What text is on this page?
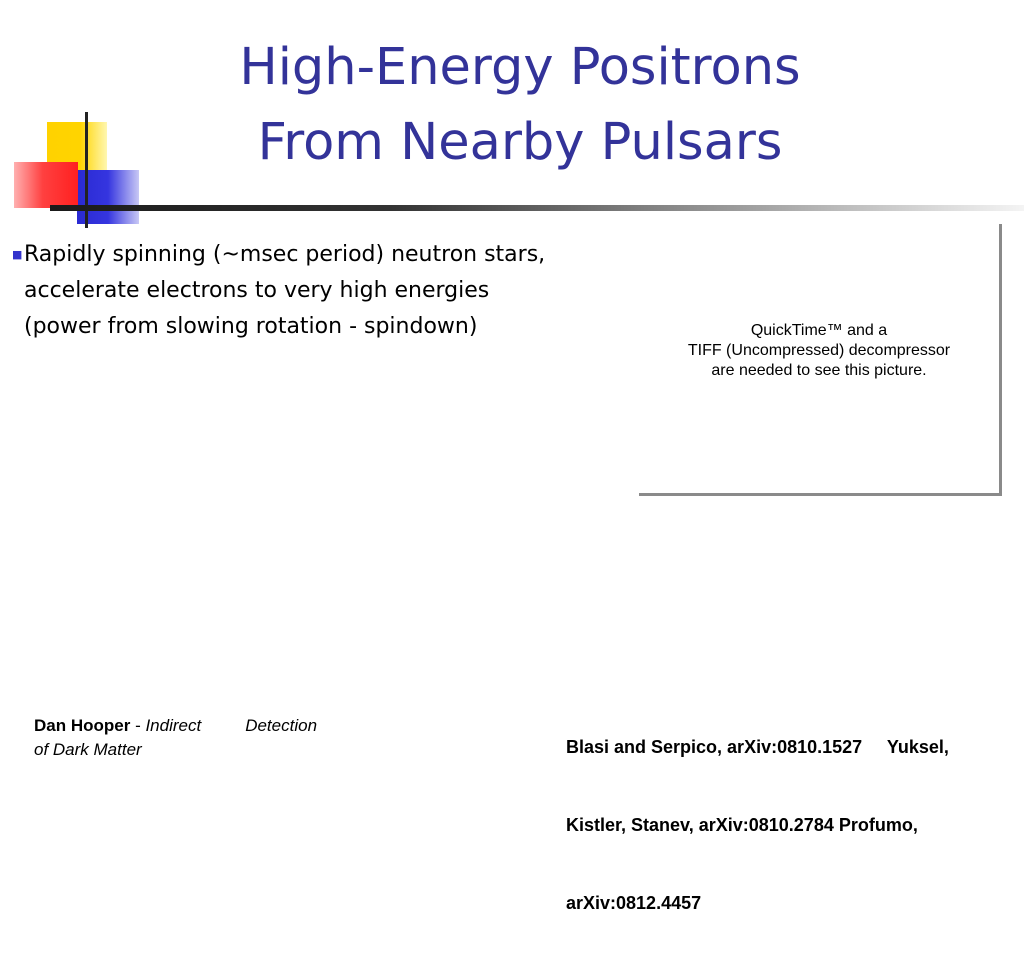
High-Energy Positrons
From Nearby Pulsars
■ Rapidly spinning (~msec period) neutron stars,
accelerate electrons to very high energies
(power from slowing rotation - spindown)	QuickTime™ and a
TIFF (Uncompressed) decompressor
are needed to see this picture.

Blasi and Serpico, arXiv:0810.1527     Yuksel,

Kistler, Stanev, arXiv:0810.2784 Profumo,

arXiv:0812.4457

Dan Hooper - Indirect	Detection
of Dark Matter
